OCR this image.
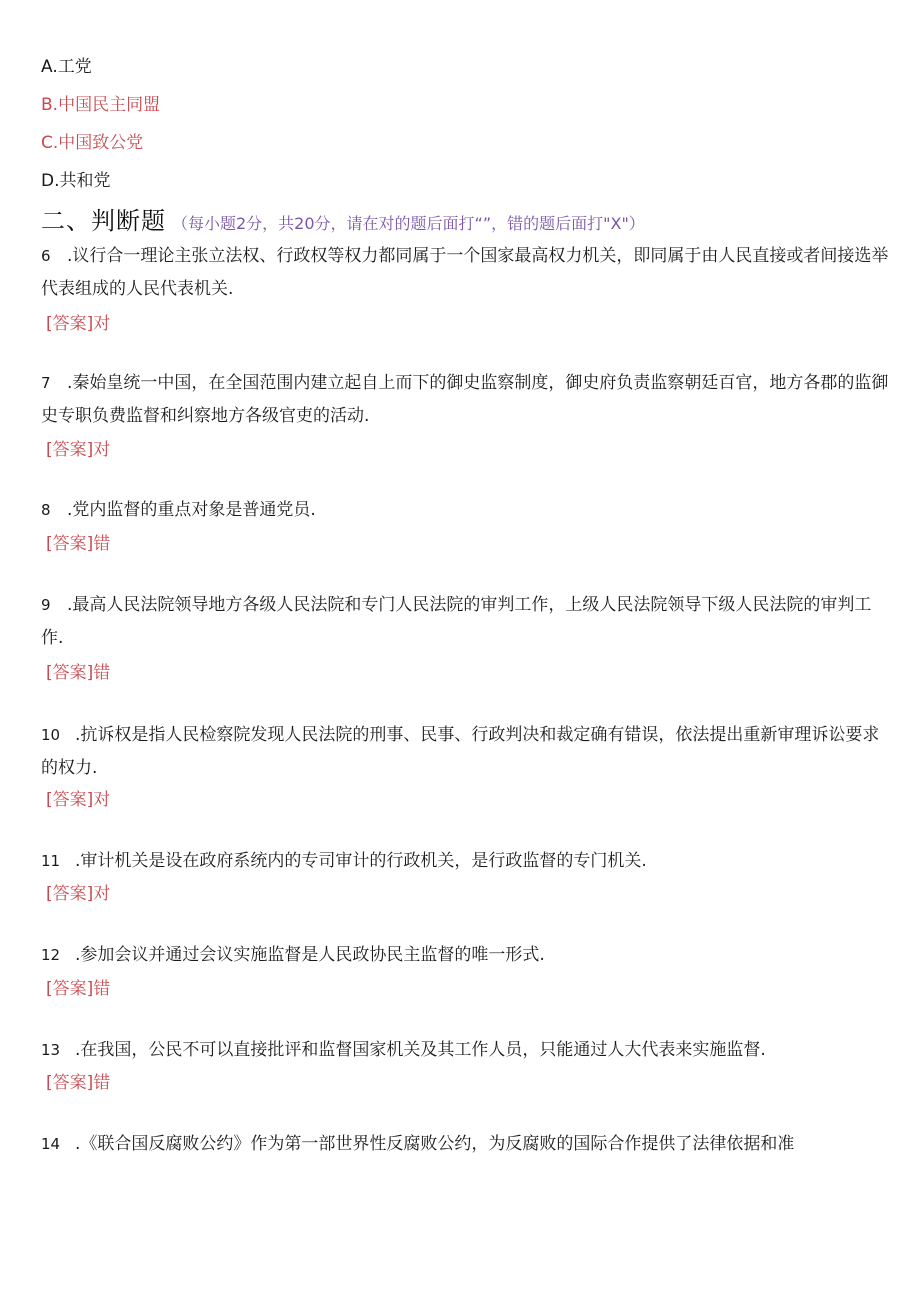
A.工党
B.中国民主同盟
C.中国致公党
D.共和党
二、判断题 （每小题2分，共20分，请在对的题后面打“”，错的题后面打"X"）
6 .议行合一理论主张立法权、行政权等权力都同属于一个国家最高权力机关，即同属于由人民直接或者间接选举代表组成的人民代表机关.
[答案]对
7 .秦始皇统一中国，在全国范围内建立起自上而下的御史监察制度，御史府负责监察朝廷百官，地方各郡的监御史专职负费监督和纠察地方各级官吏的活动.
[答案]对
8 .党内监督的重点对象是普通党员.
[答案]错
9 .最高人民法院领导地方各级人民法院和专门人民法院的审判工作，上级人民法院领导下级人民法院的审判工作.
[答案]错
10 .抗诉权是指人民检察院发现人民法院的刑事、民事、行政判决和裁定确有错误，依法提出重新审理诉讼要求的权力.
[答案]对
11 .审计机关是设在政府系统内的专司审计的行政机关，是行政监督的专门机关.
[答案]对
12 .参加会议并通过会议实施监督是人民政协民主监督的唯一形式.
[答案]错
13 .在我国，公民不可以直接批评和监督国家机关及其工作人员，只能通过人大代表来实施监督.
[答案]错
14 .《联合国反腐败公约》作为第一部世界性反腐败公约，为反腐败的国际合作提供了法律依据和准
